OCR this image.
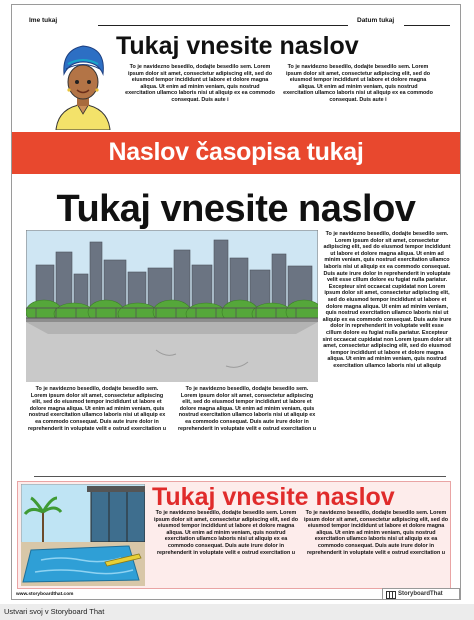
Ime tukaj	Datum tukaj
Tukaj vnesite naslov
To je navidezno besedilo, dodajte besedilo sem. Lorem ipsum dolor sit amet, consectetur adipiscing elit, sed do eiusmod tempor incididunt ut labore et dolore magna aliqua. Ut enim ad minim veniam, quis nostrud exercitation ullamco laboris nisi ut aliquip ex ea commodo consequat. Duis aute i
To je navidezno besedilo, dodajte besedilo sem. Lorem ipsum dolor sit amet, consectetur adipiscing elit, sed do eiusmod tempor incididunt ut labore et dolore magna aliqua. Ut enim ad minim veniam, quis nostrud exercitation ullamco laboris nisi ut aliquip ex ea commodo consequat. Duis aute i
Naslov časopisa tukaj
Tukaj vnesite naslov
To je navidezno besedilo, dodajte besedilo sem. Lorem ipsum dolor sit amet, consectetur adipiscing elit, sed do eiusmod tempor incididunt ut labore et dolore magna aliqua. Ut enim ad minim veniam, quis nostrud exercitation ullamco laboris nisi ut aliquip ex ea commodo consequat. Duis aute irure dolor in reprehenderit in voluptate velit esse cillum dolore eu fugiat nulla pariatur. Excepteur sint occaecat cupidatat non Lorem ipsum dolor sit amet, consectetur adipiscing elit, sed do eiusmod tempor incididunt ut labore et dolore magna aliqua. Ut enim ad minim veniam, quis nostrud exercitation ullamco laboris nisi ut aliquip ex ea commodo consequat. Duis aute irure dolor in reprehenderit in voluptate velit esse cillum dolore eu fugiat nulla pariatur. Excepteur sint occaecat cupidatat non Lorem ipsum dolor sit amet, consectetur adipiscing elit, sed do eiusmod tempor incididunt ut labore et dolore magna aliqua. Ut enim ad minim veniam, quis nostrud exercitation ullamco laboris nisi ut aliquip
To je navidezno besedilo, dodajte besedilo sem. Lorem ipsum dolor sit amet, consectetur adipiscing elit, sed do eiusmod tempor incididunt ut labore et dolore magna aliqua. Ut enim ad minim veniam, quis nostrud exercitation ullamco laboris nisi ut aliquip ex ea commodo consequat. Duis aute irure dolor in reprehenderit in voluptate velit e ostrud exercitation u
To je navidezno besedilo, dodajte besedilo sem. Lorem ipsum dolor sit amet, consectetur adipiscing elit, sed do eiusmod tempor incididunt ut labore et dolore magna aliqua. Ut enim ad minim veniam, quis nostrud exercitation ullamco laboris nisi ut aliquip ex ea commodo consequat. Duis aute irure dolor in reprehenderit in voluptate velit e ostrud exercitation u
Tukaj vnesite naslov
To je navidezno besedilo, dodajte besedilo sem. Lorem ipsum dolor sit amet, consectetur adipiscing elit, sed do eiusmod tempor incididunt ut labore et dolore magna aliqua. Ut enim ad minim veniam, quis nostrud exercitation ullamco laboris nisi ut aliquip ex ea commodo consequat. Duis aute irure dolor in reprehenderit in voluptate velit e ostrud exercitation u
To je navidezno besedilo, dodajte besedilo sem. Lorem ipsum dolor sit amet, consectetur adipiscing elit, sed do eiusmod tempor incididunt ut labore et dolore magna aliqua. Ut enim ad minim veniam, quis nostrud exercitation ullamco laboris nisi ut aliquip ex ea commodo consequat. Duis aute irure dolor in reprehenderit in voluptate velit e ostrud exercitation u
www.storyboardthat.com	StoryboardThat
Ustvari svoj v Storyboard That
